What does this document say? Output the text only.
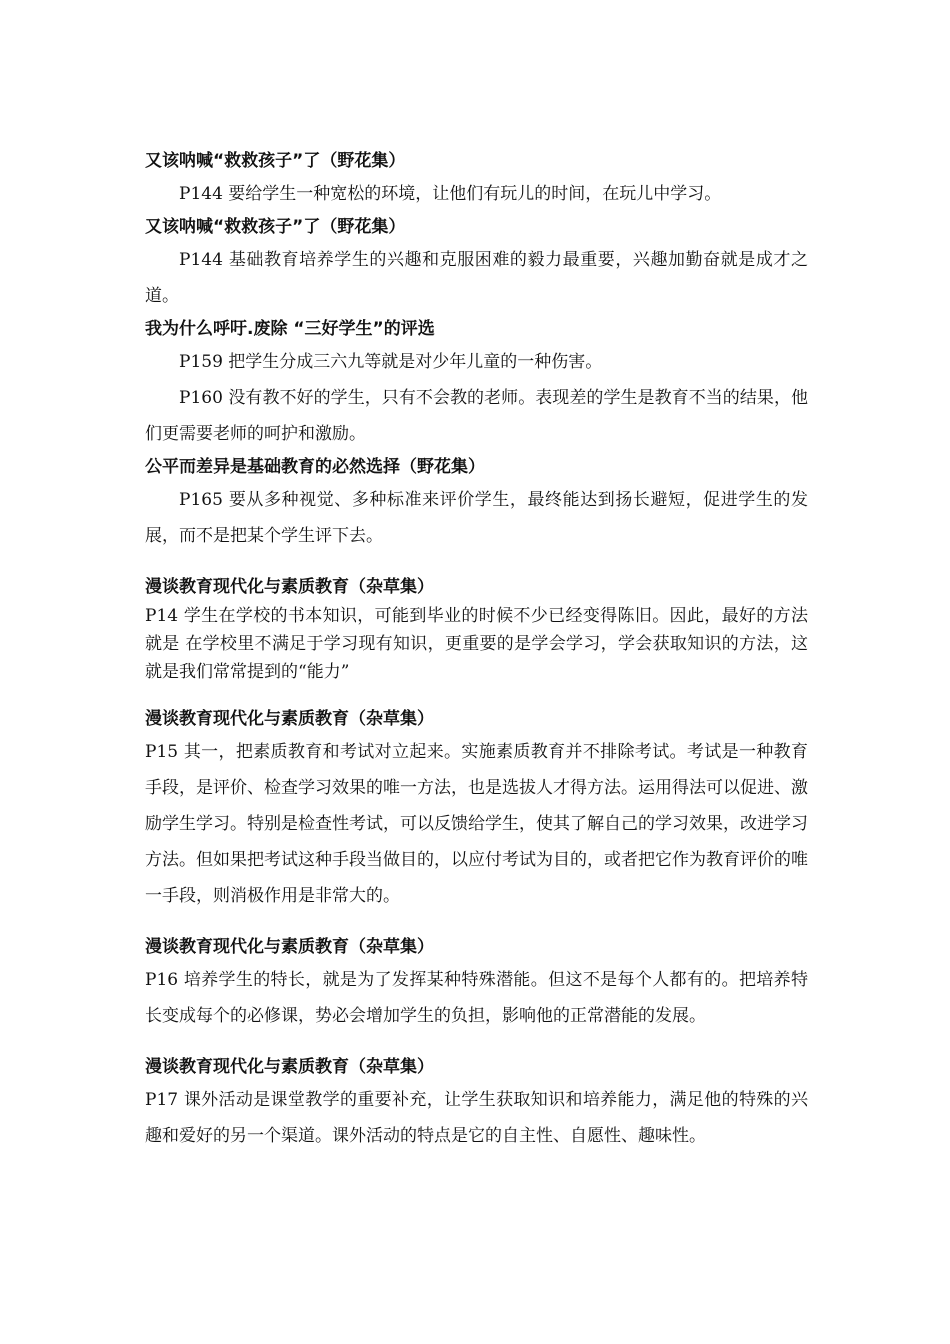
又该呐喊“救救孩子”了（野花集）

P144 要给学生一种宽松的环境，让他们有玩儿的时间，在玩儿中学习。

又该呐喊“救救孩子”了（野花集）

P144 基础教育培养学生的兴趣和克服困难的毅力最重要，兴趣加勤奋就是成才之道。

我为什么呼吁.废除 “三好学生”的评选

P159 把学生分成三六九等就是对少年儿童的一种伤害。

P160 没有教不好的学生，只有不会教的老师。表现差的学生是教育不当的结果，他们更需要老师的呵护和激励。

公平而差异是基础教育的必然选择（野花集）

P165 要从多种视觉、多种标准来评价学生，最终能达到扬长避短，促进学生的发展，而不是把某个学生评下去。

漫谈教育现代化与素质教育（杂草集）

P14 学生在学校的书本知识，可能到毕业的时候不少已经变得陈旧。因此，最好的方法就是 在学校里不满足于学习现有知识，更重要的是学会学习，学会获取知识的方法，这就是我们常常提到的“能力”

漫谈教育现代化与素质教育（杂草集）

P15 其一，把素质教育和考试对立起来。实施素质教育并不排除考试。考试是一种教育手段，是评价、检查学习效果的唯一方法，也是选拔人才得方法。运用得法可以促进、激励学生学习。特别是检查性考试，可以反馈给学生，使其了解自己的学习效果，改进学习方法。但如果把考试这种手段当做目的，以应付考试为目的，或者把它作为教育评价的唯一手段，则消极作用是非常大的。

漫谈教育现代化与素质教育（杂草集）

P16 培养学生的特长，就是为了发挥某种特殊潜能。但这不是每个人都有的。把培养特长变成每个的必修课，势必会增加学生的负担，影响他的正常潜能的发展。

漫谈教育现代化与素质教育（杂草集）

P17 课外活动是课堂教学的重要补充，让学生获取知识和培养能力，满足他的特殊的兴趣和爱好的另一个渠道。课外活动的特点是它的自主性、自愿性、趣味性。
